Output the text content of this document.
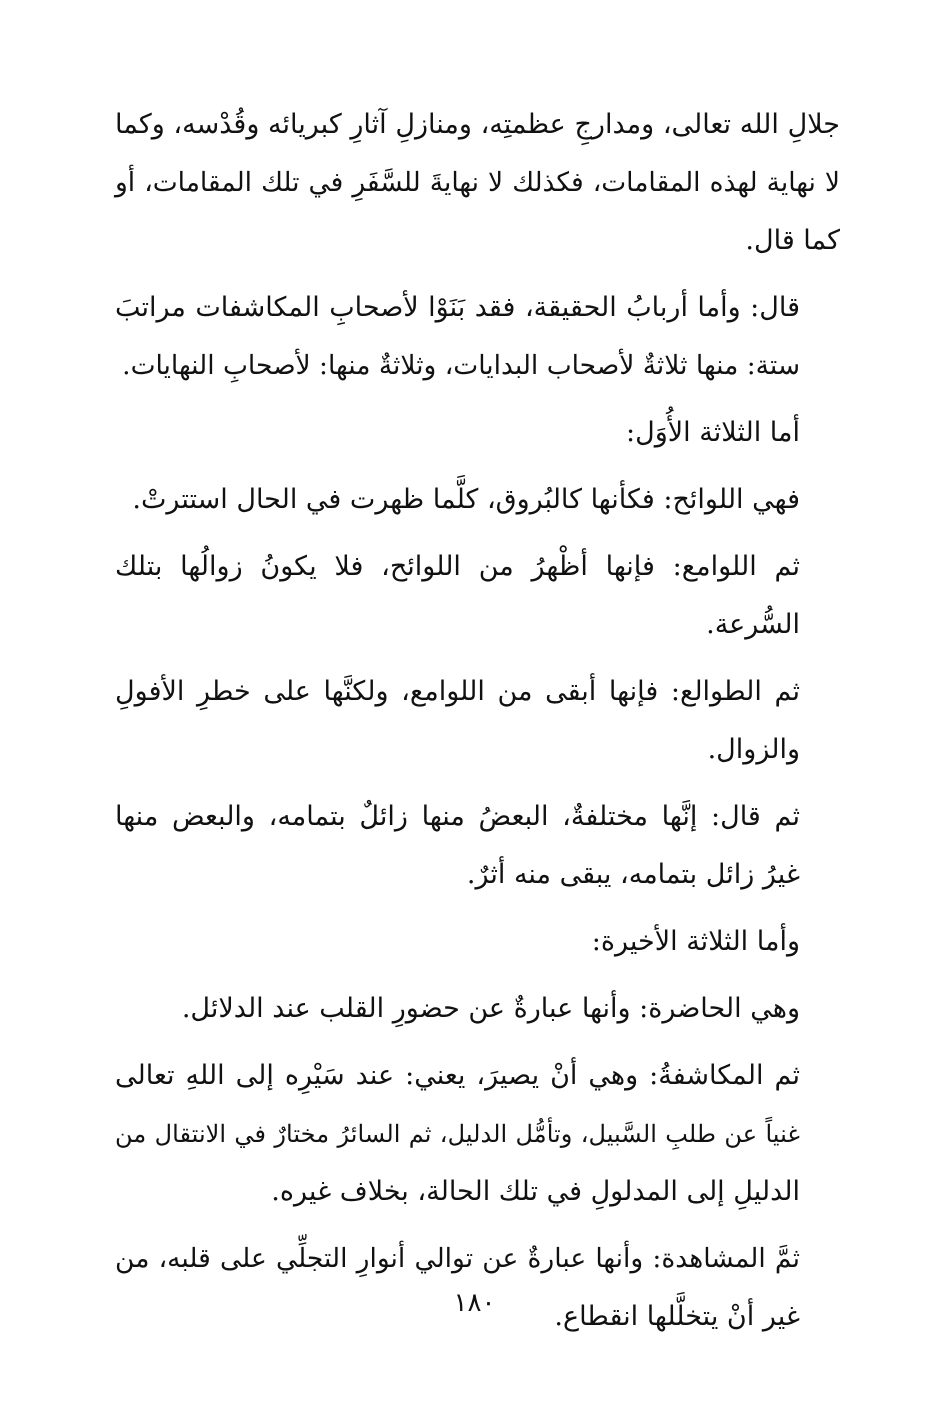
جلالِ الله تعالى، ومدارجِ عظمتِه، ومنازلِ آثارِ كبريائه وقُدْسه، وكما
لا نهاية لهذه المقامات، فكذلك لا نهايةَ للسَّفَرِ في تلك المقامات، أو
كما قال.
قال: وأما أربابُ الحقيقة، فقد بَنَوْا لأصحابِ المكاشفات مراتبَ
ستة: منها ثلاثةٌ لأصحاب البدايات، وثلاثةٌ منها: لأصحابِ النهايات.
أما الثلاثة الأُوَل:
فهي اللوائح: فكأنها كالبُروق، كلَّما ظهرت في الحال استترتْ.
ثم اللوامع: فإنها أظْهرُ من اللوائح، فلا يكونُ زوالُها بتلك
السُّرعة.
ثم الطوالع: فإنها أبقى من اللوامع، ولكنَّها على خطرِ الأفولِ
والزوال.
ثم قال: إنَّها مختلفةٌ، البعضُ منها زائلٌ بتمامه، والبعض منها
غيرُ زائل بتمامه، يبقى منه أثرٌ.
وأما الثلاثة الأخيرة:
وهي الحاضرة: وأنها عبارةٌ عن حضورِ القلب عند الدلائل.
ثم المكاشفةُ: وهي أنْ يصيرَ، يعني: عند سَيْرِه إلى اللهِ تعالى
غنياً عن طلبِ السَّبيل، وتأمُّل الدليل، ثم السائرُ مختارٌ في الانتقال من
الدليلِ إلى المدلولِ في تلك الحالة، بخلاف غيره.
ثمَّ المشاهدة: وأنها عبارةٌ عن توالي أنوارِ التجلِّي على قلبه، من
غير أنْ يتخلَّلها انقطاع.
١٨٠
